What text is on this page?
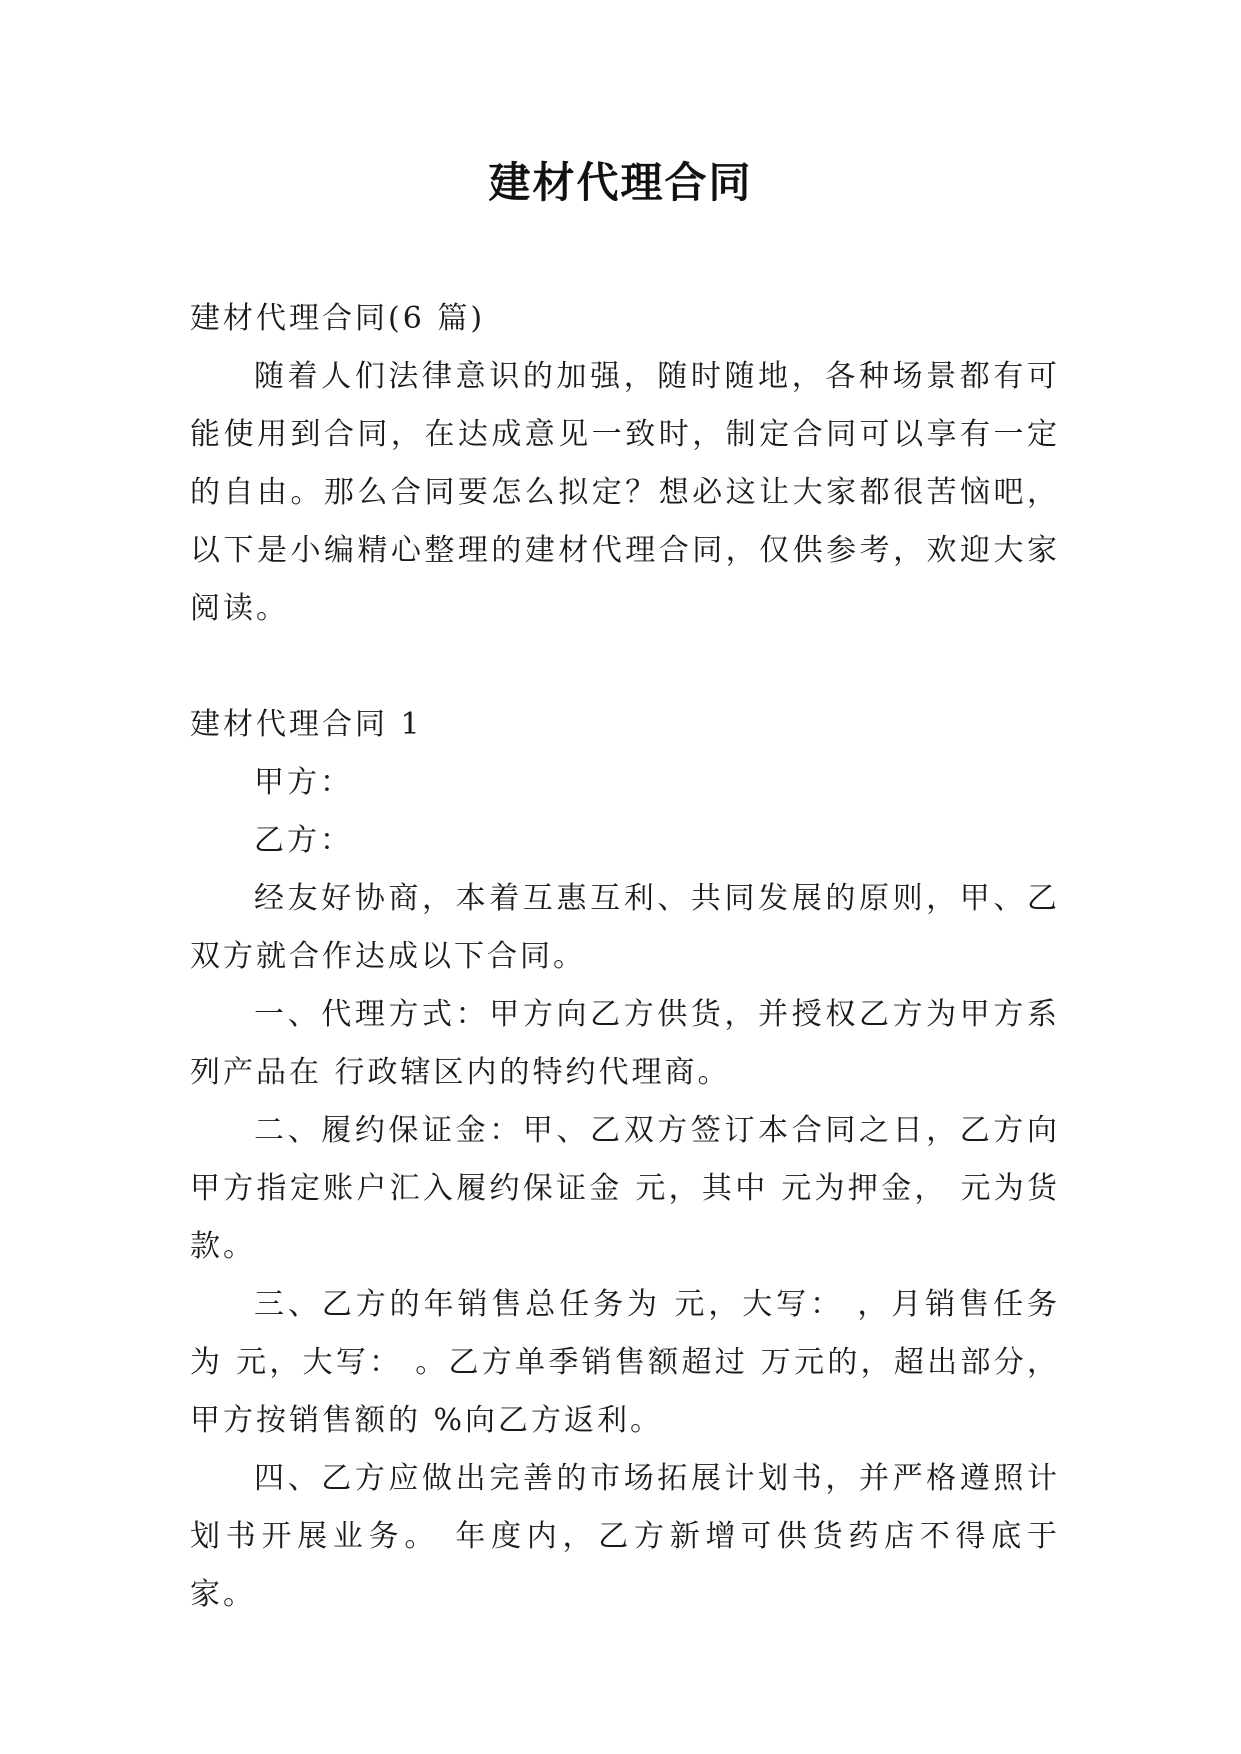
建材代理合同

建材代理合同(6 篇)

随着人们法律意识的加强，随时随地，各种场景都有可能使用到合同，在达成意见一致时，制定合同可以享有一定的自由。那么合同要怎么拟定？想必这让大家都很苦恼吧，以下是小编精心整理的建材代理合同，仅供参考，欢迎大家阅读。

建材代理合同 1

甲方：

乙方：

经友好协商，本着互惠互利、共同发展的原则，甲、乙双方就合作达成以下合同。

一、代理方式：甲方向乙方供货，并授权乙方为甲方系列产品在 行政辖区内的特约代理商。

二、履约保证金：甲、乙双方签订本合同之日，乙方向甲方指定账户汇入履约保证金 元，其中 元为押金， 元为货款。

三、乙方的年销售总任务为 元，大写： ，月销售任务为 元，大写： 。乙方单季销售额超过 万元的，超出部分，甲方按销售额的 %向乙方返利。

四、乙方应做出完善的市场拓展计划书，并严格遵照计划书开展业务。 年度内，乙方新增可供货药店不得底于 家。
